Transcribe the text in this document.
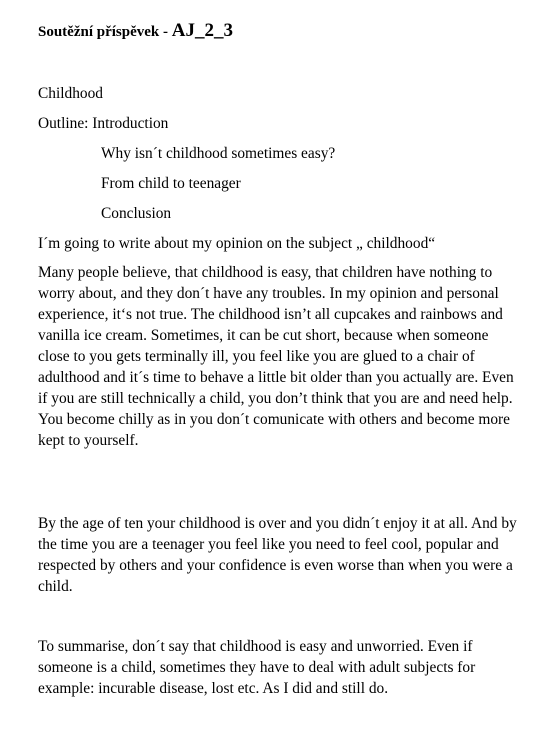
Soutěžní příspěvek - AJ_2_3
Childhood
Outline: Introduction
Why isn´t childhood sometimes easy?
From child to teenager
Conclusion
I´m going to write about my opinion on the subject „ childhood“

Many people believe, that childhood is easy, that children have nothing to worry about, and they don´t have any troubles. In my opinion and personal experience, it‘s not true. The childhood isn’t all cupcakes and rainbows and vanilla ice cream. Sometimes, it can be cut short, because when someone close to you gets terminally ill, you feel like you are glued to a chair of adulthood and it´s time to behave a little bit older than you actually are. Even if you are still technically a child, you don’t think that you are and need help. You become chilly as in you don´t comunicate with others and become more kept to yourself.

By the age of ten your childhood is over and you didn´t enjoy it at all. And by the time you are a teenager you feel like you need to feel cool, popular and respected by others and your confidence is even worse than when you were a child.

To summarise, don´t say that childhood is easy and unworried. Even if someone is a child, sometimes they have to deal with adult subjects for example: incurable disease, lost etc. As I did and still do.
